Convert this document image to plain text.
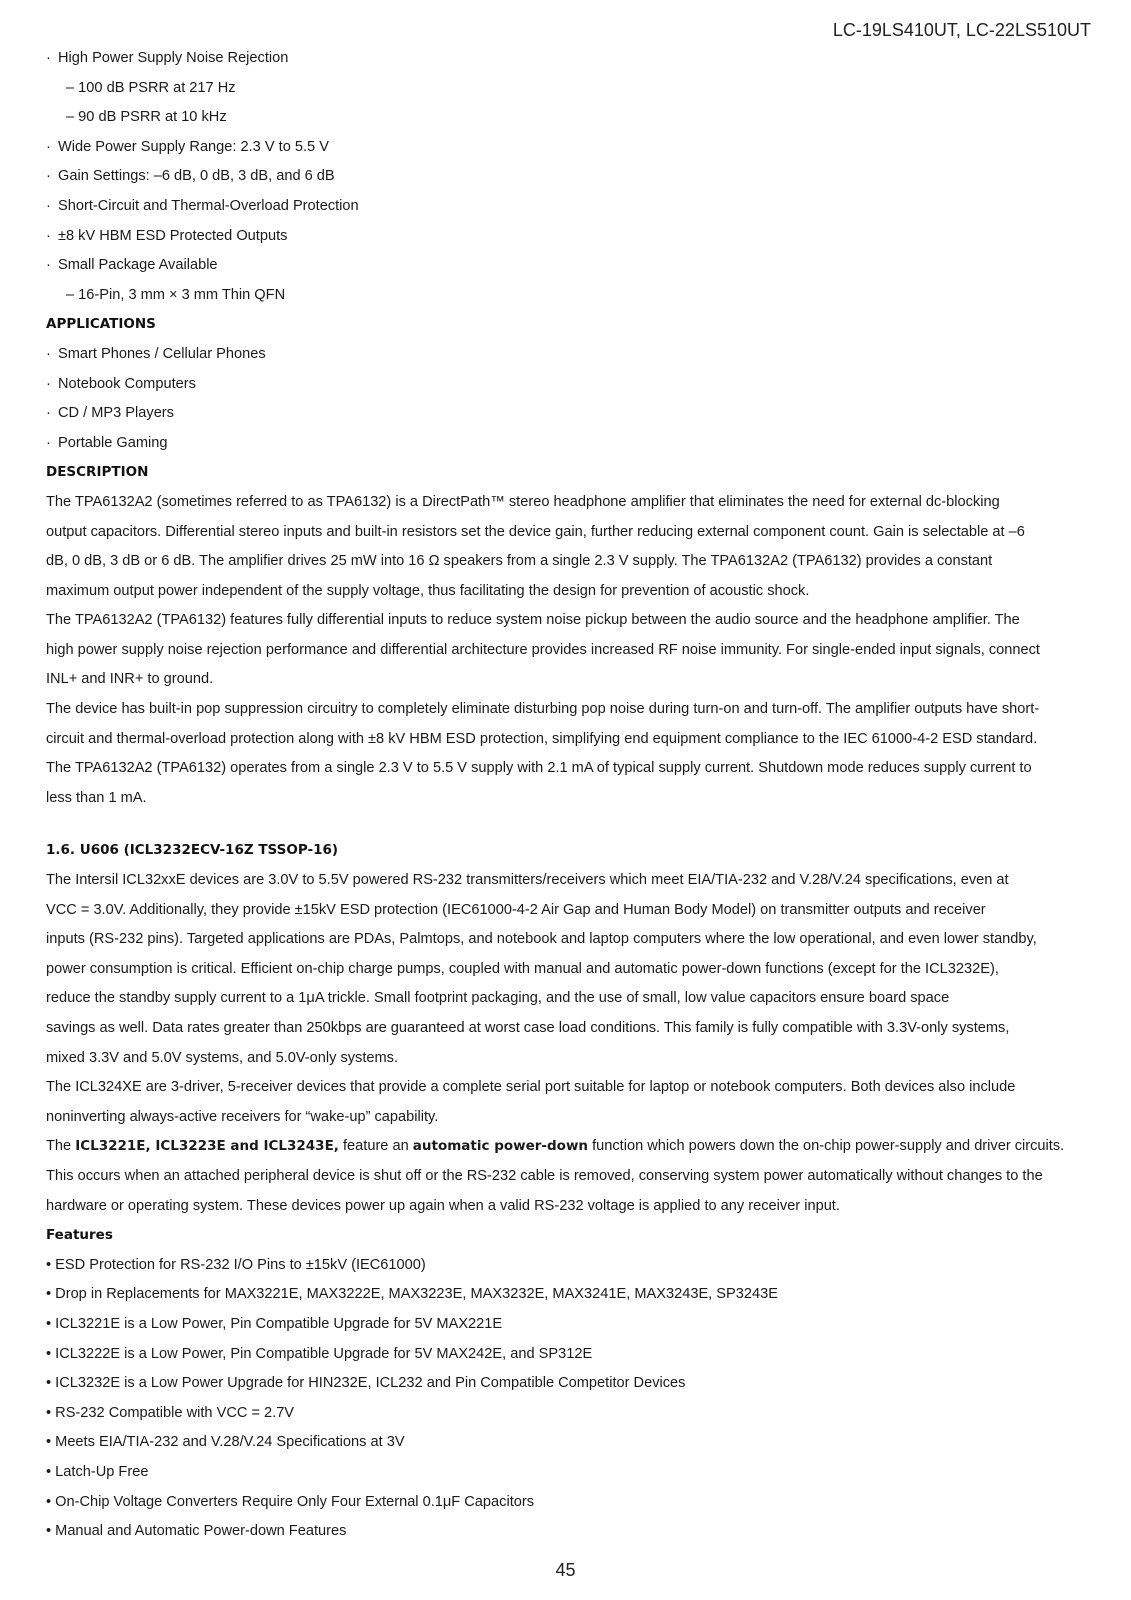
LC-19LS410UT, LC-22LS510UT
· High Power Supply Noise Rejection
– 100 dB PSRR at 217 Hz
– 90 dB PSRR at 10 kHz
· Wide Power Supply Range: 2.3 V to 5.5 V
· Gain Settings: –6 dB, 0 dB, 3 dB, and 6 dB
· Short-Circuit and Thermal-Overload Protection
· ±8 kV HBM ESD Protected Outputs
· Small Package Available
– 16-Pin, 3 mm × 3 mm Thin QFN
APPLICATIONS
· Smart Phones / Cellular Phones
· Notebook Computers
· CD / MP3 Players
· Portable Gaming
DESCRIPTION
The TPA6132A2 (sometimes referred to as TPA6132) is a DirectPath™ stereo headphone amplifier that eliminates the need for external dc-blocking
output capacitors. Differential stereo inputs and built-in resistors set the device gain, further reducing external component count. Gain is selectable at –6
dB, 0 dB, 3 dB or 6 dB. The amplifier drives 25 mW into 16 Ω speakers from a single 2.3 V supply. The TPA6132A2 (TPA6132) provides a constant
maximum output power independent of the supply voltage, thus facilitating the design for prevention of acoustic shock.
The TPA6132A2 (TPA6132) features fully differential inputs to reduce system noise pickup between the audio source and the headphone amplifier. The
high power supply noise rejection performance and differential architecture provides increased RF noise immunity. For single-ended input signals, connect
INL+ and INR+ to ground.
The device has built-in pop suppression circuitry to completely eliminate disturbing pop noise during turn-on and turn-off. The amplifier outputs have short-
circuit and thermal-overload protection along with ±8 kV HBM ESD protection, simplifying end equipment compliance to the IEC 61000-4-2 ESD standard.
The TPA6132A2 (TPA6132) operates from a single 2.3 V to 5.5 V supply with 2.1 mA of typical supply current. Shutdown mode reduces supply current to
less than 1 mA.
1.6. U606 (ICL3232ECV-16Z TSSOP-16)
The Intersil ICL32xxE devices are 3.0V to 5.5V powered RS-232 transmitters/receivers which meet EIA/TIA-232 and V.28/V.24 specifications, even at
VCC = 3.0V. Additionally, they provide ±15kV ESD protection (IEC61000-4-2 Air Gap and Human Body Model) on transmitter outputs and receiver
inputs (RS-232 pins). Targeted applications are PDAs, Palmtops, and notebook and laptop computers where the low operational, and even lower standby,
power consumption is critical. Efficient on-chip charge pumps, coupled with manual and automatic power-down functions (except for the ICL3232E),
reduce the standby supply current to a 1μA trickle. Small footprint packaging, and the use of small, low value capacitors ensure board space
savings as well. Data rates greater than 250kbps are guaranteed at worst case load conditions. This family is fully compatible with 3.3V-only systems,
mixed 3.3V and 5.0V systems, and 5.0V-only systems.
The ICL324XE are 3-driver, 5-receiver devices that provide a complete serial port suitable for laptop or notebook computers. Both devices also include
noninverting always-active receivers for “wake-up” capability.
The ICL3221E, ICL3223E and ICL3243E, feature an automatic power-down function which powers down the on-chip power-supply and driver circuits.
This occurs when an attached peripheral device is shut off or the RS-232 cable is removed, conserving system power automatically without changes to the
hardware or operating system. These devices power up again when a valid RS-232 voltage is applied to any receiver input.
Features
• ESD Protection for RS-232 I/O Pins to ±15kV (IEC61000)
• Drop in Replacements for MAX3221E, MAX3222E, MAX3223E, MAX3232E, MAX3241E, MAX3243E, SP3243E
• ICL3221E is a Low Power, Pin Compatible Upgrade for 5V MAX221E
• ICL3222E is a Low Power, Pin Compatible Upgrade for 5V MAX242E, and SP312E
• ICL3232E is a Low Power Upgrade for HIN232E, ICL232 and Pin Compatible Competitor Devices
• RS-232 Compatible with VCC = 2.7V
• Meets EIA/TIA-232 and V.28/V.24 Specifications at 3V
• Latch-Up Free
• On-Chip Voltage Converters Require Only Four External 0.1μF Capacitors
• Manual and Automatic Power-down Features
45
